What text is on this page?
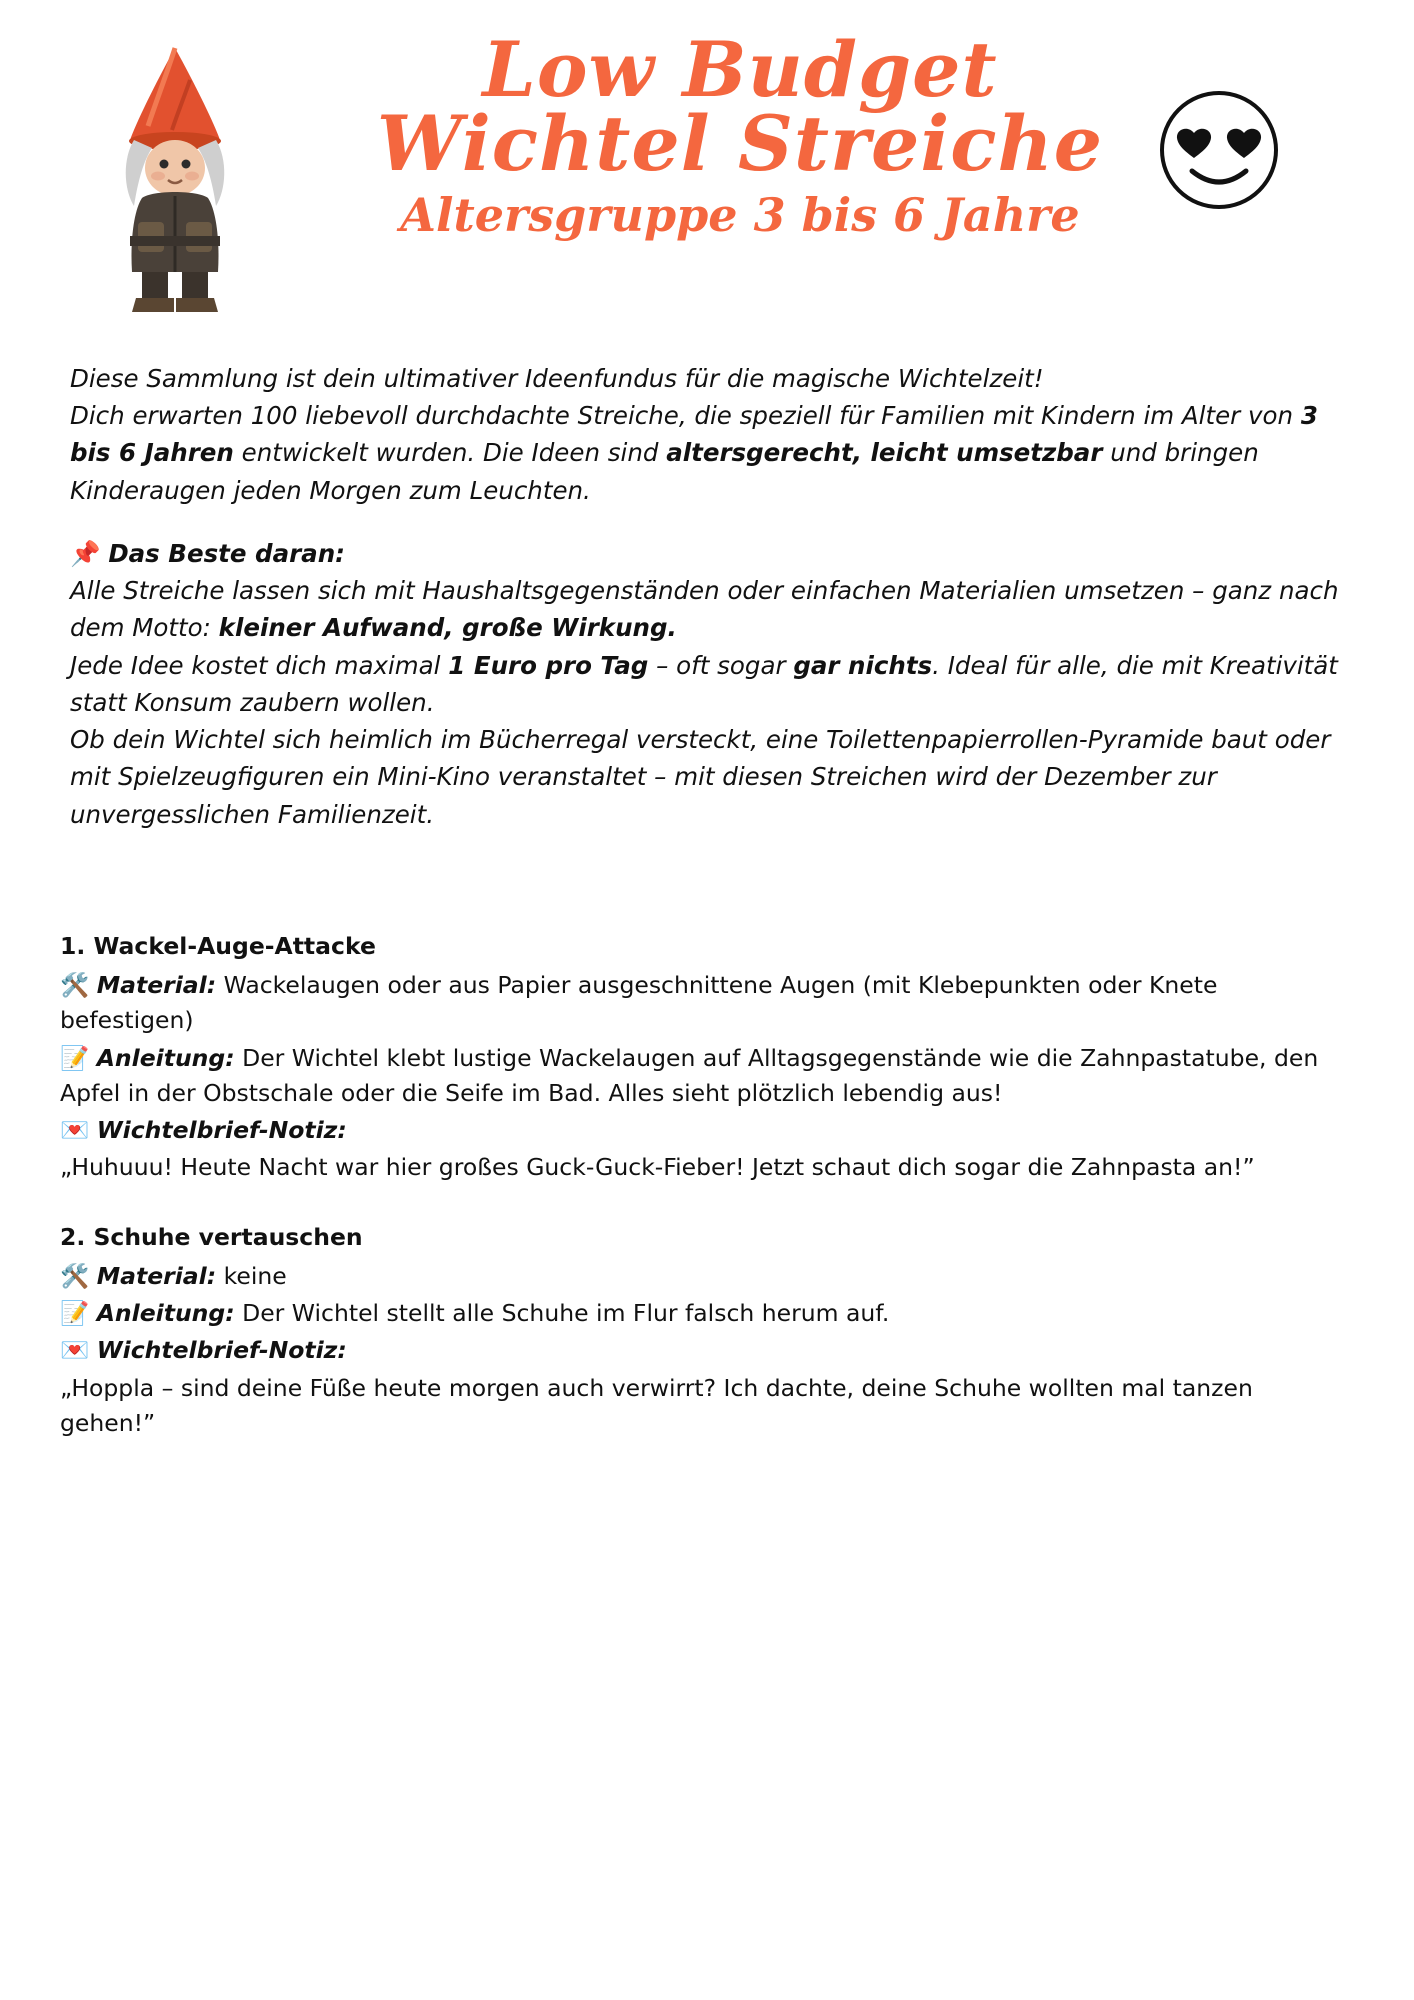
Low Budget
Wichtel Streiche
Altersgruppe 3 bis 6 Jahre

Diese Sammlung ist dein ultimativer Ideenfundus für die magische Wichtelzeit!
Dich erwarten 100 liebevoll durchdachte Streiche, die speziell für Familien mit Kindern im Alter von 3 bis 6 Jahren entwickelt wurden. Die Ideen sind altersgerecht, leicht umsetzbar und bringen Kinderaugen jeden Morgen zum Leuchten.

📌 Das Beste daran:

Alle Streiche lassen sich mit Haushaltsgegenständen oder einfachen Materialien umsetzen – ganz nach dem Motto: kleiner Aufwand, große Wirkung.

Jede Idee kostet dich maximal 1 Euro pro Tag – oft sogar gar nichts. Ideal für alle, die mit Kreativität statt Konsum zaubern wollen.

Ob dein Wichtel sich heimlich im Bücherregal versteckt, eine Toilettenpapierrollen-Pyramide baut oder mit Spielzeugfiguren ein Mini-Kino veranstaltet – mit diesen Streichen wird der Dezember zur unvergesslichen Familienzeit.

1. Wackel-Auge-Attacke

🛠️ Material: Wackelaugen oder aus Papier ausgeschnittene Augen (mit Klebepunkten oder Knete befestigen)

📝 Anleitung: Der Wichtel klebt lustige Wackelaugen auf Alltagsgegenstände wie die Zahnpastatube, den Apfel in der Obstschale oder die Seife im Bad. Alles sieht plötzlich lebendig aus!

💌 Wichtelbrief-Notiz:

„Huhuuu! Heute Nacht war hier großes Guck-Guck-Fieber! Jetzt schaut dich sogar die Zahnpasta an!”

2. Schuhe vertauschen

🛠️ Material: keine

📝 Anleitung: Der Wichtel stellt alle Schuhe im Flur falsch herum auf.

💌 Wichtelbrief-Notiz:

„Hoppla – sind deine Füße heute morgen auch verwirrt? Ich dachte, deine Schuhe wollten mal tanzen gehen!”
